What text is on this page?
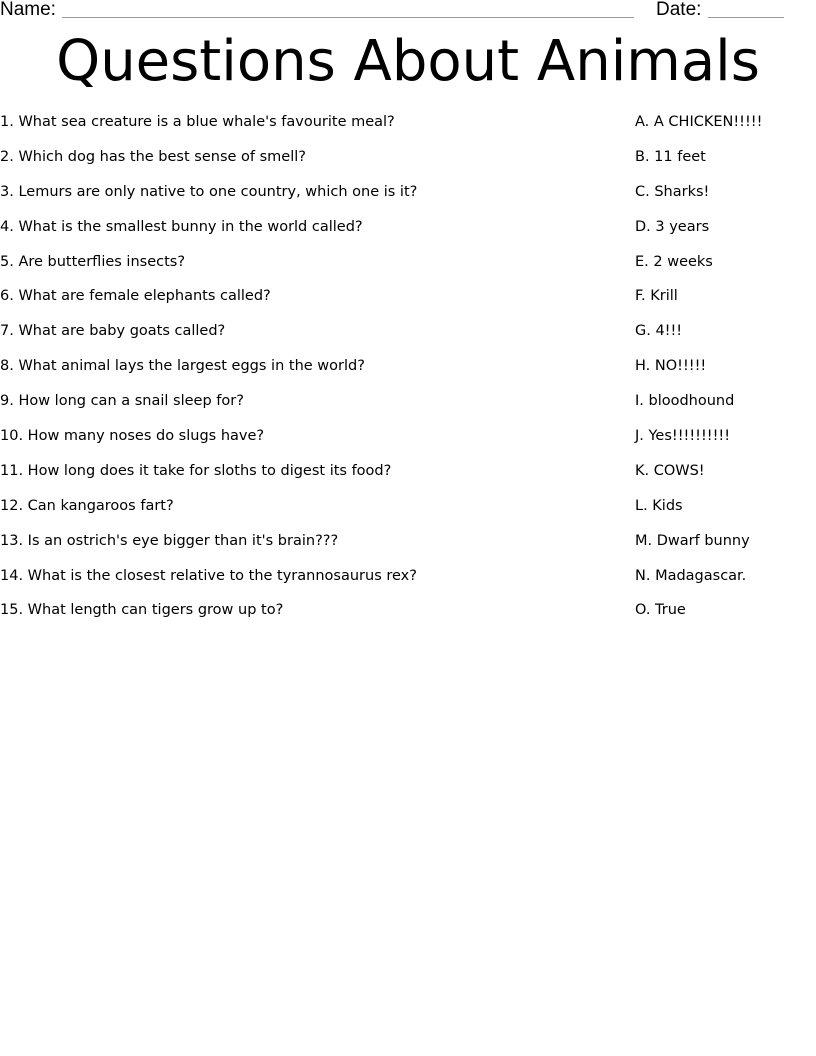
Name:	Date:
Questions About Animals
1. What sea creature is a blue whale's favourite meal?
2. Which dog has the best sense of smell?
3. Lemurs are only native to one country, which one is it?
4. What is the smallest bunny in the world called?
5. Are butterflies insects?
6. What are female elephants called?
7. What are baby goats called?
8. What animal lays the largest eggs in the world?
9. How long can a snail sleep for?
10. How many noses do slugs have?
11. How long does it take for sloths to digest its food?
12. Can kangaroos fart?
13. Is an ostrich's eye bigger than it's brain???
14. What is the closest relative to the tyrannosaurus rex?
15. What length can tigers grow up to?
A. A CHICKEN!!!!!
B. 11 feet
C. Sharks!
D. 3 years
E. 2 weeks
F. Krill
G. 4!!!
H. NO!!!!!
I. bloodhound
J. Yes!!!!!!!!!!
K. COWS!
L. Kids
M. Dwarf bunny
N. Madagascar.
O. True
